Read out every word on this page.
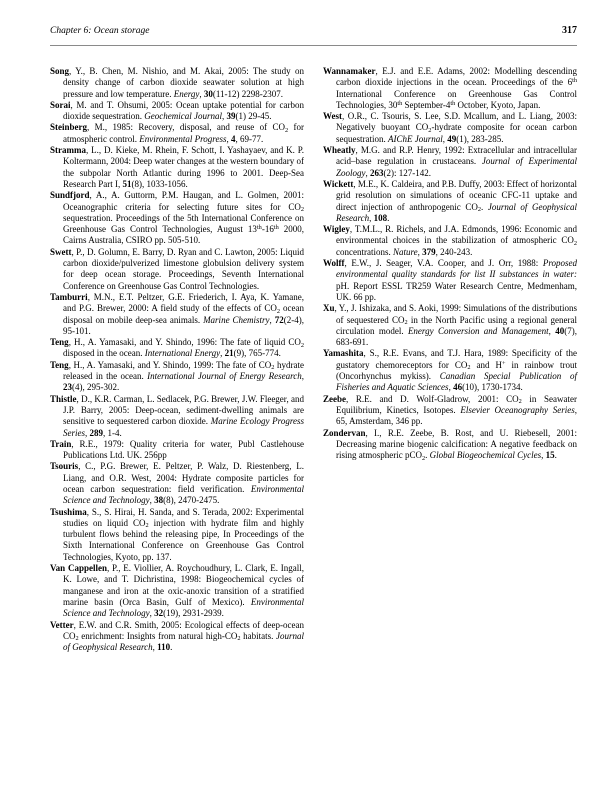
Chapter 6: Ocean storage	317
Song, Y., B. Chen, M. Nishio, and M. Akai, 2005: The study on density change of carbon dioxide seawater solution at high pressure and low temperature. Energy, 30(11-12) 2298-2307.
Sorai, M. and T. Ohsumi, 2005: Ocean uptake potential for carbon dioxide sequestration. Geochemical Journal, 39(1) 29-45.
Steinberg, M., 1985: Recovery, disposal, and reuse of CO2 for atmospheric control. Environmental Progress, 4, 69-77.
Stramma, L., D. Kieke, M. Rhein, F. Schott, I. Yashayaev, and K. P. Koltermann, 2004: Deep water changes at the western boundary of the subpolar North Atlantic during 1996 to 2001. Deep-Sea Research Part I, 51(8), 1033-1056.
Sundfjord, A., A. Guttorm, P.M. Haugan, and L. Golmen, 2001: Oceanographic criteria for selecting future sites for CO2 sequestration. Proceedings of the 5th International Conference on Greenhouse Gas Control Technologies, August 13th-16th 2000, Cairns Australia, CSIRO pp. 505-510.
Swett, P., D. Golumn, E. Barry, D. Ryan and C. Lawton, 2005: Liquid carbon dioxide/pulverized limestone globulsion delivery system for deep ocean storage. Proceedings, Seventh International Conference on Greenhouse Gas Control Technologies.
Tamburri, M.N., E.T. Peltzer, G.E. Friederich, I. Aya, K. Yamane, and P.G. Brewer, 2000: A field study of the effects of CO2 ocean disposal on mobile deep-sea animals. Marine Chemistry, 72(2-4), 95-101.
Teng, H., A. Yamasaki, and Y. Shindo, 1996: The fate of liquid CO2 disposed in the ocean. International Energy, 21(9), 765-774.
Teng, H., A. Yamasaki, and Y. Shindo, 1999: The fate of CO2 hydrate released in the ocean. International Journal of Energy Research, 23(4), 295-302.
Thistle, D., K.R. Carman, L. Sedlacek, P.G. Brewer, J.W. Fleeger, and J.P. Barry, 2005: Deep-ocean, sediment-dwelling animals are sensitive to sequestered carbon dioxide. Marine Ecology Progress Series, 289, 1-4.
Train, R.E., 1979: Quality criteria for water, Publ Castlehouse Publications Ltd. UK. 256pp
Tsouris, C., P.G. Brewer, E. Peltzer, P. Walz, D. Riestenberg, L. Liang, and O.R. West, 2004: Hydrate composite particles for ocean carbon sequestration: field verification. Environmental Science and Technology, 38(8), 2470-2475.
Tsushima, S., S. Hirai, H. Sanda, and S. Terada, 2002: Experimental studies on liquid CO2 injection with hydrate film and highly turbulent flows behind the releasing pipe, In Proceedings of the Sixth International Conference on Greenhouse Gas Control Technologies, Kyoto, pp. 137.
Van Cappellen, P., E. Viollier, A. Roychoudhury, L. Clark, E. Ingall, K. Lowe, and T. Dichristina, 1998: Biogeochemical cycles of manganese and iron at the oxic-anoxic transition of a stratified marine basin (Orca Basin, Gulf of Mexico). Environmental Science and Technology, 32(19), 2931-2939.
Vetter, E.W. and C.R. Smith, 2005: Ecological effects of deep-ocean CO2 enrichment: Insights from natural high-CO2 habitats. Journal of Geophysical Research, 110.
Wannamaker, E.J. and E.E. Adams, 2002: Modelling descending carbon dioxide injections in the ocean. Proceedings of the 6th International Conference on Greenhouse Gas Control Technologies, 30th September-4th October, Kyoto, Japan.
West, O.R., C. Tsouris, S. Lee, S.D. Mcallum, and L. Liang, 2003: Negatively buoyant CO2-hydrate composite for ocean carbon sequestration. AIChE Journal, 49(1), 283-285.
Wheatly, M.G. and R.P. Henry, 1992: Extracellular and intracellular acid–base regulation in crustaceans. Journal of Experimental Zoology, 263(2): 127-142.
Wickett, M.E., K. Caldeira, and P.B. Duffy, 2003: Effect of horizontal grid resolution on simulations of oceanic CFC-11 uptake and direct injection of anthropogenic CO2. Journal of Geophysical Research, 108.
Wigley, T.M.L., R. Richels, and J.A. Edmonds, 1996: Economic and environmental choices in the stabilization of atmospheric CO2 concentrations. Nature, 379, 240-243.
Wolff, E.W., J. Seager, V.A. Cooper, and J. Orr, 1988: Proposed environmental quality standards for list II substances in water: pH. Report ESSL TR259 Water Research Centre, Medmenham, UK. 66 pp.
Xu, Y., J. Ishizaka, and S. Aoki, 1999: Simulations of the distributions of sequestered CO2 in the North Pacific using a regional general circulation model. Energy Conversion and Management, 40(7), 683-691.
Yamashita, S., R.E. Evans, and T.J. Hara, 1989: Specificity of the gustatory chemoreceptors for CO2 and H+ in rainbow trout (Oncorhynchus mykiss). Canadian Special Publication of Fisheries and Aquatic Sciences, 46(10), 1730-1734.
Zeebe, R.E. and D. Wolf-Gladrow, 2001: CO2 in Seawater Equilibrium, Kinetics, Isotopes. Elsevier Oceanography Series, 65, Amsterdam, 346 pp.
Zondervan, I., R.E. Zeebe, B. Rost, and U. Riebesell, 2001: Decreasing marine biogenic calcification: A negative feedback on rising atmospheric pCO2. Global Biogeochemical Cycles, 15.
